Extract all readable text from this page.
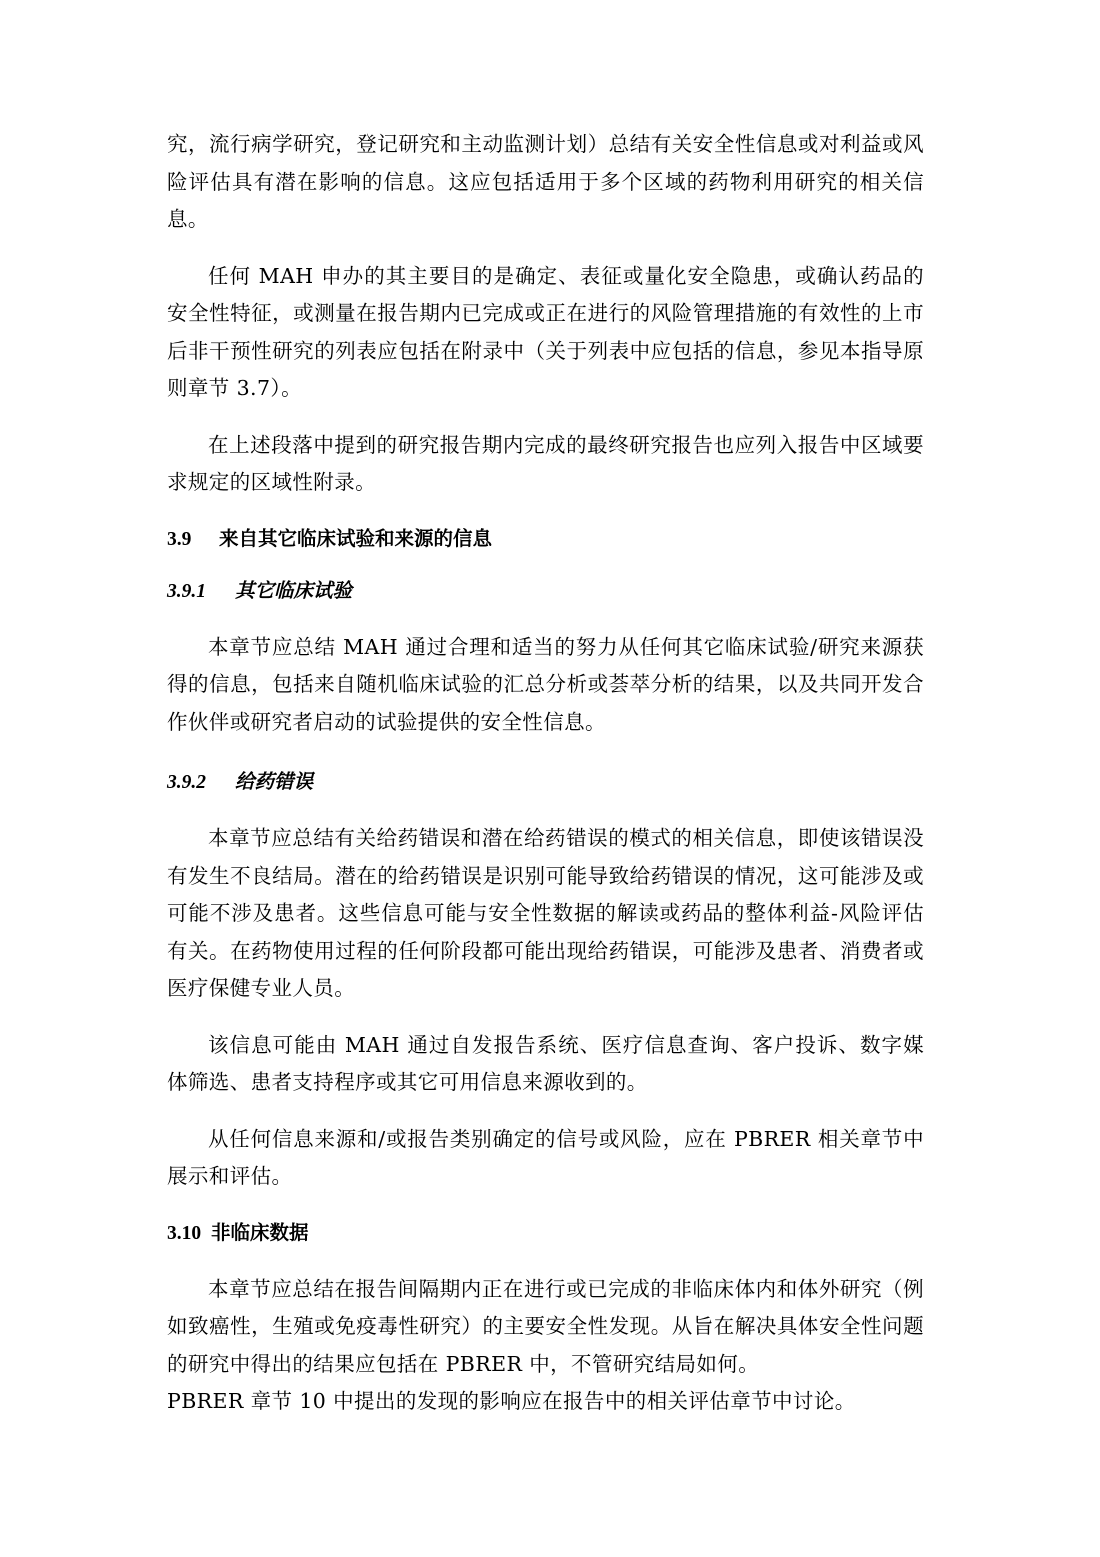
究，流行病学研究，登记研究和主动监测计划）总结有关安全性信息或对利益或风险评估具有潜在影响的信息。这应包括适用于多个区域的药物利用研究的相关信息。

任何 MAH 申办的其主要目的是确定、表征或量化安全隐患，或确认药品的安全性特征，或测量在报告期内已完成或正在进行的风险管理措施的有效性的上市后非干预性研究的列表应包括在附录中（关于列表中应包括的信息，参见本指导原则章节 3.7）。

在上述段落中提到的研究报告期内完成的最终研究报告也应列入报告中区域要求规定的区域性附录。

3.9 来自其它临床试验和来源的信息
3.9.1 其它临床试验

本章节应总结 MAH 通过合理和适当的努力从任何其它临床试验/研究来源获得的信息，包括来自随机临床试验的汇总分析或荟萃分析的结果，以及共同开发合作伙伴或研究者启动的试验提供的安全性信息。

3.9.2 给药错误

本章节应总结有关给药错误和潜在给药错误的模式的相关信息，即使该错误没有发生不良结局。潜在的给药错误是识别可能导致给药错误的情况，这可能涉及或可能不涉及患者。这些信息可能与安全性数据的解读或药品的整体利益-风险评估有关。在药物使用过程的任何阶段都可能出现给药错误，可能涉及患者、消费者或医疗保健专业人员。

该信息可能由 MAH 通过自发报告系统、医疗信息查询、客户投诉、数字媒体筛选、患者支持程序或其它可用信息来源收到的。

从任何信息来源和/或报告类别确定的信号或风险，应在 PBRER 相关章节中展示和评估。

3.10 非临床数据

本章节应总结在报告间隔期内正在进行或已完成的非临床体内和体外研究（例如致癌性，生殖或免疫毒性研究）的主要安全性发现。从旨在解决具体安全性问题的研究中得出的结果应包括在 PBRER 中，不管研究结局如何。

PBRER 章节 10 中提出的发现的影响应在报告中的相关评估章节中讨论。
